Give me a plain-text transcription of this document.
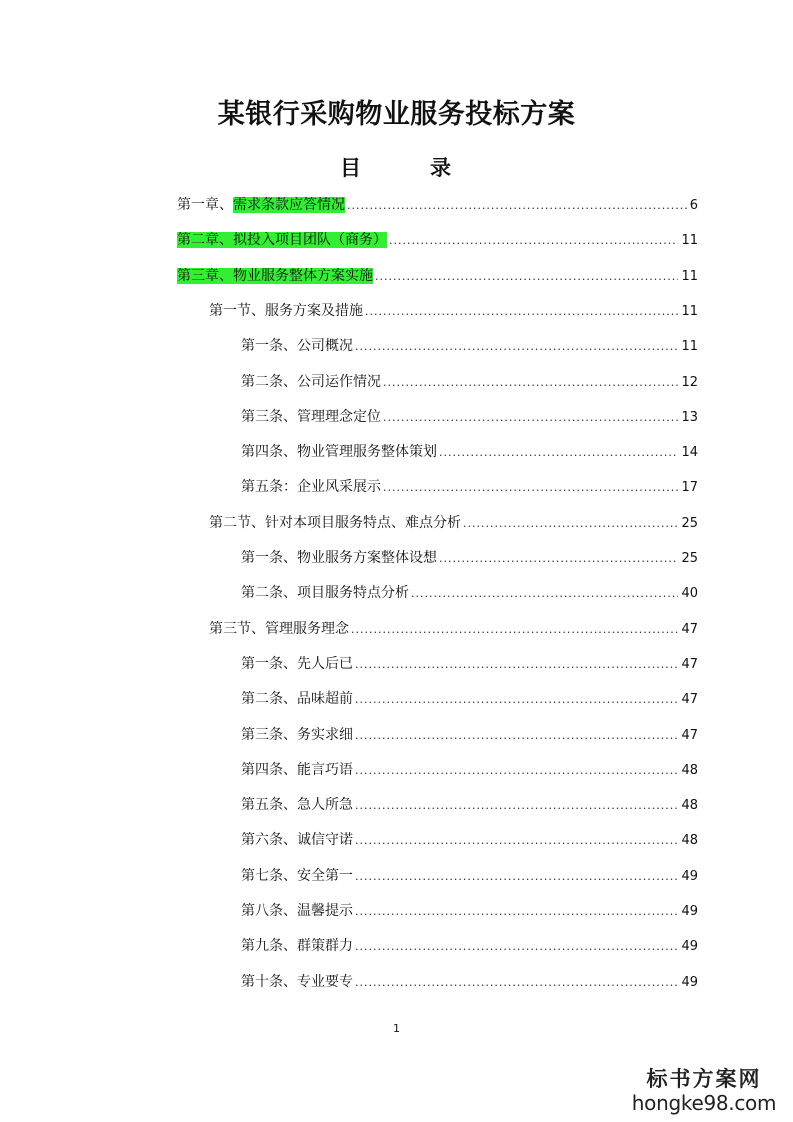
某银行采购物业服务投标方案
目　录
第一章、需求条款应答情况 .....	6
第二章、拟投入项目团队（商务） .....	11
第三章、物业服务整体方案实施 .....	11
第一节、服务方案及措施 .....	11
第一条、公司概况 .....	11
第二条、公司运作情况 .....	12
第三条、管理理念定位 .....	13
第四条、物业管理服务整体策划 .....	14
第五条：企业风采展示 .....	17
第二节、针对本项目服务特点、难点分析 .....	25
第一条、物业服务方案整体设想 .....	25
第二条、项目服务特点分析 .....	40
第三节、管理服务理念 .....	47
第一条、先人后已 .....	47
第二条、品味超前 .....	47
第三条、务实求细 .....	47
第四条、能言巧语 .....	48
第五条、急人所急 .....	48
第六条、诚信守诺 .....	48
第七条、安全第一 .....	49
第八条、温馨提示 .....	49
第九条、群策群力 .....	49
第十条、专业要专 .....	49
1
标书方案网
hongke98.com
